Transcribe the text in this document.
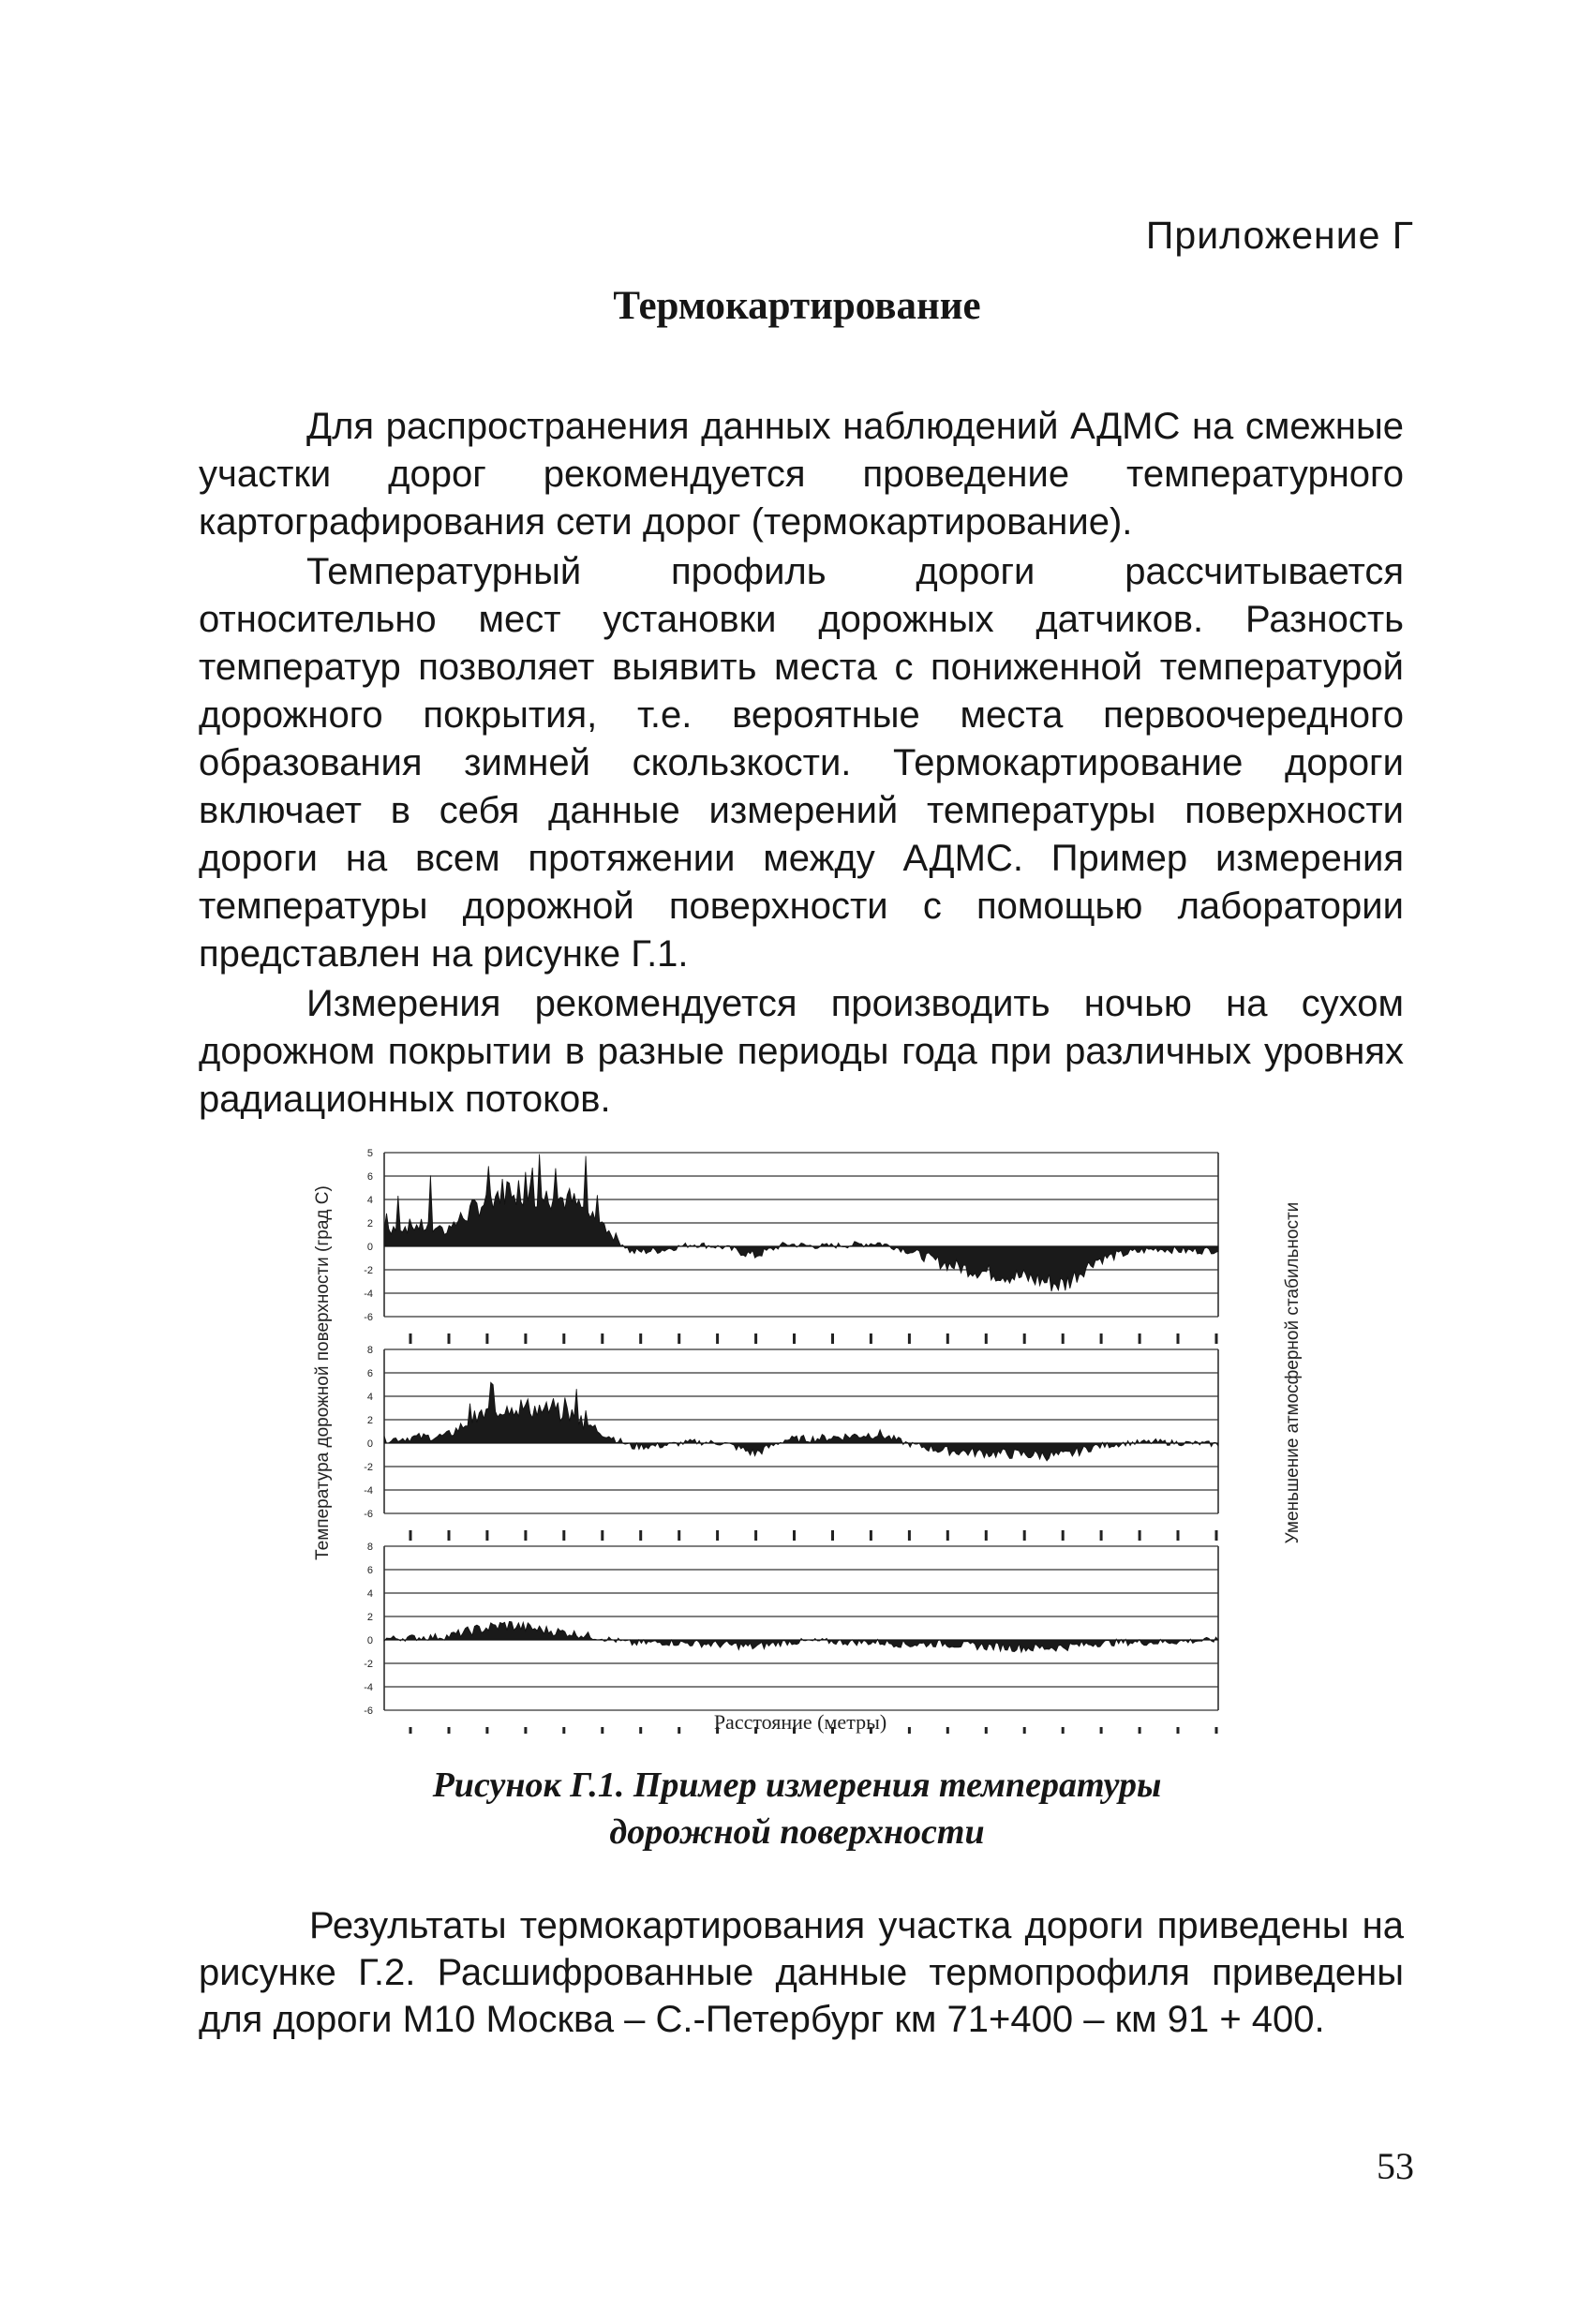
Приложение Г
Термокартирование

Для распространения данных наблюдений АДМС на смежные участки дорог рекомендуется проведение температурного картографирования сети дорог (термокартирование).

Температурный профиль дороги рассчитывается относительно мест установки дорожных датчиков. Разность температур позволяет выявить места с пониженной температурой дорожного покрытия, т.е. вероятные места первоочередного образования зимней скользкости. Термокартирование дороги включает в себя данные измерений температуры поверхности дороги на всем протяжении между АДМС. Пример измерения температуры дорожной поверхности с помощью лаборатории представлен на рисунке Г.1.

Измерения рекомендуется производить ночью на сухом дорожном покрытии в разные периоды года при различных уровнях радиационных потоков.

Температура дорожной поверхности (град С)	Уменьшение атмосферной стабильности
Расстояние (метры)
5
6
4
2
0
-2
-4
-6
8
6
4
2
0
-2
-4
-6
8
6
4
2
0
-2
-4
-6
Рисунок Г.1. Пример измерения температуры
дорожной поверхности

Результаты термокартирования участка дороги приведены на рисунке Г.2. Расшифрованные данные термопрофиля приведены для дороги М10 Москва – С.-Петербург км 71+400 – км 91 + 400.

53
